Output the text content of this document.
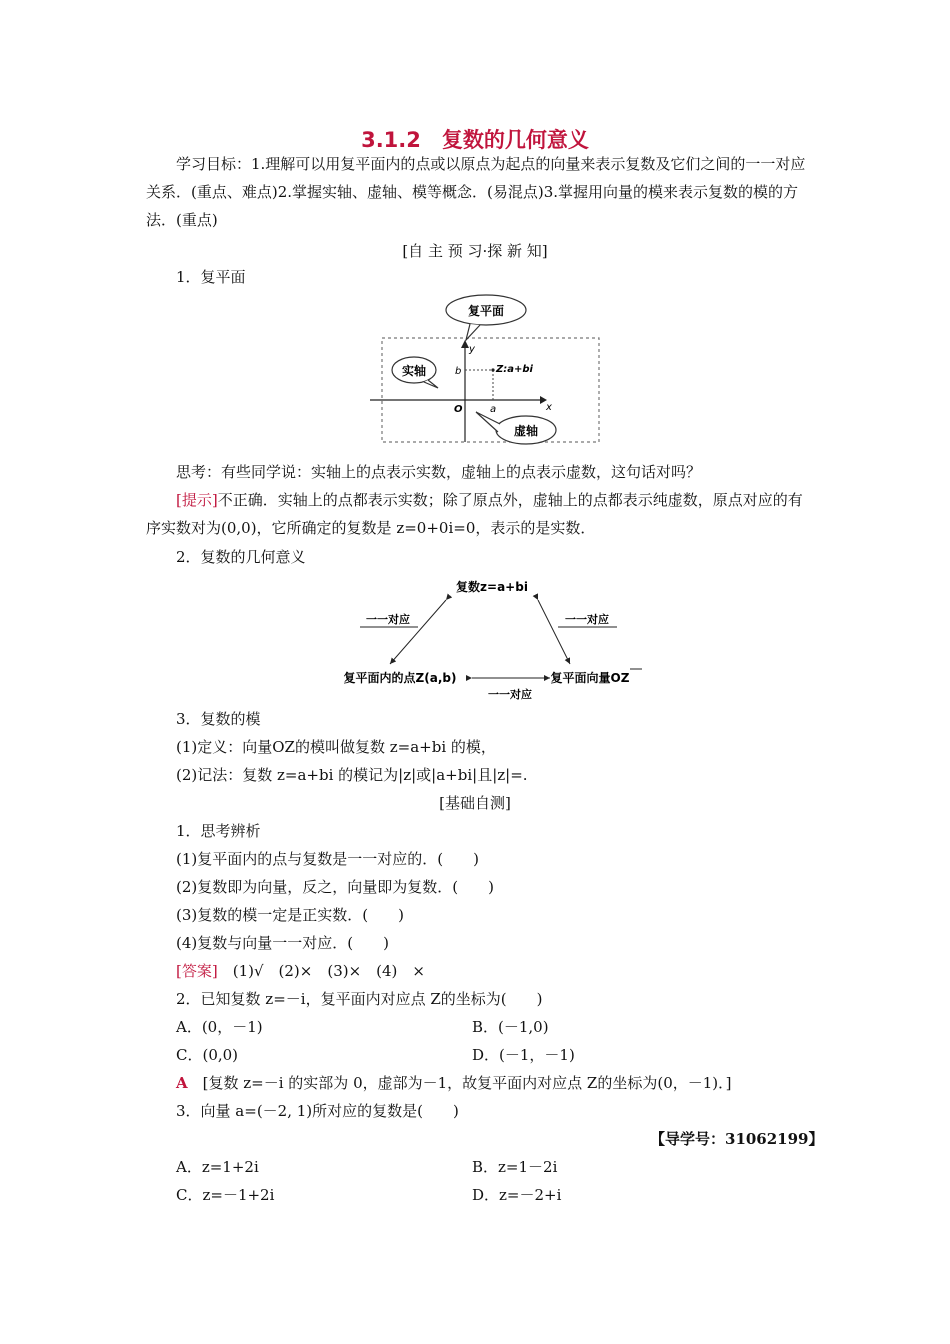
3.1.2　复数的几何意义
学习目标：1.理解可以用复平面内的点或以原点为起点的向量来表示复数及它们之间的一一对应关系．(重点、难点)2.掌握实轴、虚轴、模等概念．(易混点)3.掌握用向量的模来表示复数的模的方法．(重点)
[自 主 预 习·探 新 知]
1．复平面
复平面
y
x
b
a
O
Z:a+bi
实轴
虚轴
思考：有些同学说：实轴上的点表示实数，虚轴上的点表示虚数，这句话对吗？
[提示]不正确．实轴上的点都表示实数；除了原点外，虚轴上的点都表示纯虚数，原点对应的有序实数对为(0,0)，它所确定的复数是 z=0+0i=0，表示的是实数．
2．复数的几何意义
复数z=a+bi
复平面内的点Z(a,b)	复平面向量OZ
一一对应	一一对应
一一对应
3．复数的模
(1)定义：向量OZ的模叫做复数 z=a+bi 的模，
(2)记法：复数 z=a+bi 的模记为|z|或|a+bi|且|z|=.
[基础自测]
1．思考辨析
(1)复平面内的点与复数是一一对应的．(　　)
(2)复数即为向量，反之，向量即为复数．(　　)
(3)复数的模一定是正实数．(　　)
(4)复数与向量一一对应．(　　)
[答案]　(1)√　(2)×　(3)×　(4)　×
2．已知复数 z=－i，复平面内对应点 Z的坐标为(　　)
A．(0，－1)	B．(－1,0)
C．(0,0)	D．(－1，－1)
A　[复数 z=－i 的实部为 0，虚部为－1，故复平面内对应点 Z的坐标为(0，－1)．]
3．向量 a=(－2, 1)所对应的复数是(　　)
【导学号：31062199】
A．z=1+2i	B．z=1－2i
C．z=－1+2i	D．z=－2+i
